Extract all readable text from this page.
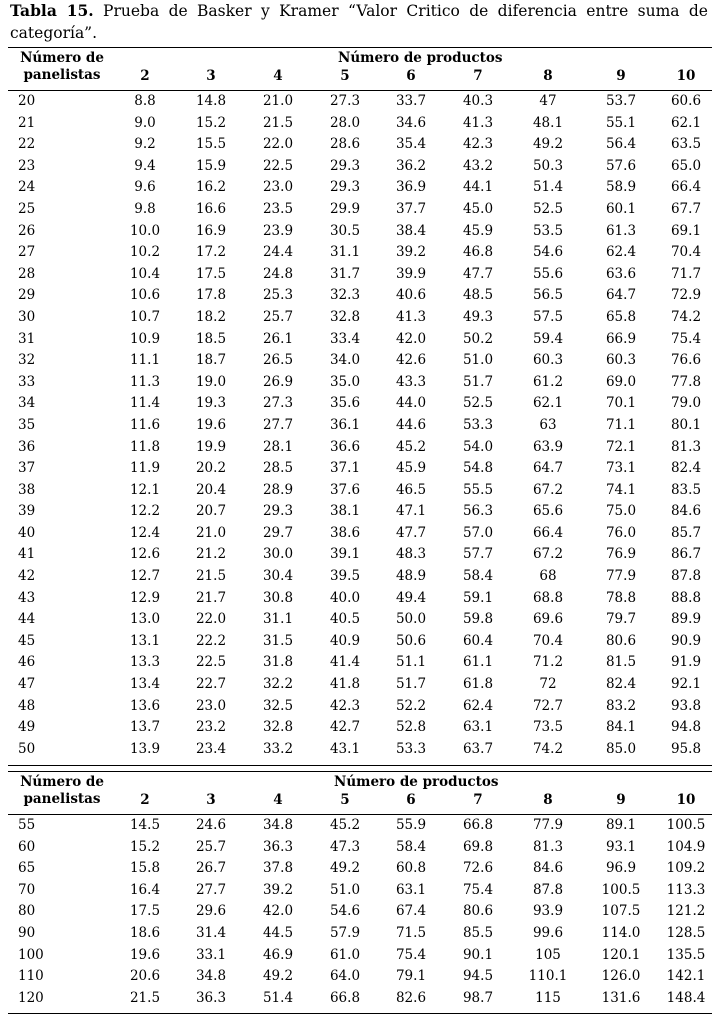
Tabla 15. Prueba de Basker y Kramer “Valor Critico de diferencia entre suma de categoría”.
Número de panelistas
Número de productos
2	3	4	5	6	7	8	9	10
20	8.8	14.8	21.0	27.3	33.7	40.3	47	53.7	60.6
21	9.0	15.2	21.5	28.0	34.6	41.3	48.1	55.1	62.1
22	9.2	15.5	22.0	28.6	35.4	42.3	49.2	56.4	63.5
23	9.4	15.9	22.5	29.3	36.2	43.2	50.3	57.6	65.0
24	9.6	16.2	23.0	29.3	36.9	44.1	51.4	58.9	66.4
25	9.8	16.6	23.5	29.9	37.7	45.0	52.5	60.1	67.7
26	10.0	16.9	23.9	30.5	38.4	45.9	53.5	61.3	69.1
27	10.2	17.2	24.4	31.1	39.2	46.8	54.6	62.4	70.4
28	10.4	17.5	24.8	31.7	39.9	47.7	55.6	63.6	71.7
29	10.6	17.8	25.3	32.3	40.6	48.5	56.5	64.7	72.9
30	10.7	18.2	25.7	32.8	41.3	49.3	57.5	65.8	74.2
31	10.9	18.5	26.1	33.4	42.0	50.2	59.4	66.9	75.4
32	11.1	18.7	26.5	34.0	42.6	51.0	60.3	60.3	76.6
33	11.3	19.0	26.9	35.0	43.3	51.7	61.2	69.0	77.8
34	11.4	19.3	27.3	35.6	44.0	52.5	62.1	70.1	79.0
35	11.6	19.6	27.7	36.1	44.6	53.3	63	71.1	80.1
36	11.8	19.9	28.1	36.6	45.2	54.0	63.9	72.1	81.3
37	11.9	20.2	28.5	37.1	45.9	54.8	64.7	73.1	82.4
38	12.1	20.4	28.9	37.6	46.5	55.5	67.2	74.1	83.5
39	12.2	20.7	29.3	38.1	47.1	56.3	65.6	75.0	84.6
40	12.4	21.0	29.7	38.6	47.7	57.0	66.4	76.0	85.7
41	12.6	21.2	30.0	39.1	48.3	57.7	67.2	76.9	86.7
42	12.7	21.5	30.4	39.5	48.9	58.4	68	77.9	87.8
43	12.9	21.7	30.8	40.0	49.4	59.1	68.8	78.8	88.8
44	13.0	22.0	31.1	40.5	50.0	59.8	69.6	79.7	89.9
45	13.1	22.2	31.5	40.9	50.6	60.4	70.4	80.6	90.9
46	13.3	22.5	31.8	41.4	51.1	61.1	71.2	81.5	91.9
47	13.4	22.7	32.2	41.8	51.7	61.8	72	82.4	92.1
48	13.6	23.0	32.5	42.3	52.2	62.4	72.7	83.2	93.8
49	13.7	23.2	32.8	42.7	52.8	63.1	73.5	84.1	94.8
50	13.9	23.4	33.2	43.1	53.3	63.7	74.2	85.0	95.8
Número de panelistas
Número de productos
2	3	4	5	6	7	8	9	10
55	14.5	24.6	34.8	45.2	55.9	66.8	77.9	89.1	100.5
60	15.2	25.7	36.3	47.3	58.4	69.8	81.3	93.1	104.9
65	15.8	26.7	37.8	49.2	60.8	72.6	84.6	96.9	109.2
70	16.4	27.7	39.2	51.0	63.1	75.4	87.8	100.5	113.3
80	17.5	29.6	42.0	54.6	67.4	80.6	93.9	107.5	121.2
90	18.6	31.4	44.5	57.9	71.5	85.5	99.6	114.0	128.5
100	19.6	33.1	46.9	61.0	75.4	90.1	105	120.1	135.5
110	20.6	34.8	49.2	64.0	79.1	94.5	110.1	126.0	142.1
120	21.5	36.3	51.4	66.8	82.6	98.7	115	131.6	148.4
